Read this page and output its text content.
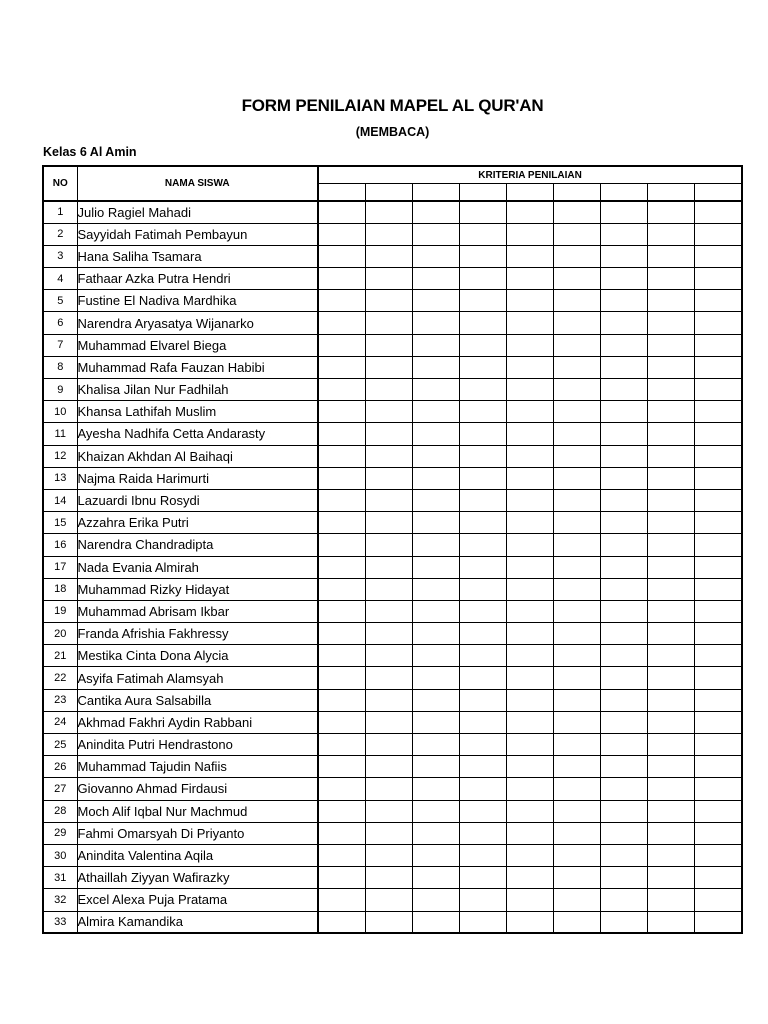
FORM PENILAIAN MAPEL AL QUR'AN
(MEMBACA)
Kelas 6 Al Amin
NO	NAMA SISWA	KRITERIA PENILAIAN								

1	Julio Ragiel Mahadi									
2	Sayyidah Fatimah Pembayun									
3	Hana Saliha Tsamara									
4	Fathaar Azka Putra Hendri									
5	Fustine El Nadiva Mardhika									
6	Narendra Aryasatya Wijanarko									
7	Muhammad Elvarel Biega									
8	Muhammad Rafa Fauzan Habibi									
9	Khalisa Jilan Nur Fadhilah									
10	Khansa Lathifah Muslim									
11	Ayesha Nadhifa Cetta Andarasty									
12	Khaizan Akhdan Al Baihaqi									
13	Najma Raida Harimurti									
14	Lazuardi Ibnu Rosydi									
15	Azzahra Erika Putri									
16	Narendra Chandradipta									
17	Nada Evania Almirah									
18	Muhammad Rizky Hidayat									
19	Muhammad Abrisam Ikbar									
20	Franda Afrishia Fakhressy									
21	Mestika Cinta Dona Alycia									
22	Asyifa Fatimah Alamsyah									
23	Cantika Aura Salsabilla									
24	Akhmad Fakhri Aydin Rabbani									
25	Anindita Putri Hendrastono									
26	Muhammad Tajudin Nafiis									
27	Giovanno Ahmad Firdausi									
28	Moch Alif Iqbal Nur Machmud									
29	Fahmi Omarsyah Di Priyanto									
30	Anindita Valentina Aqila									
31	Athaillah Ziyyan Wafirazky									
32	Excel Alexa Puja Pratama									
33	Almira Kamandika									
